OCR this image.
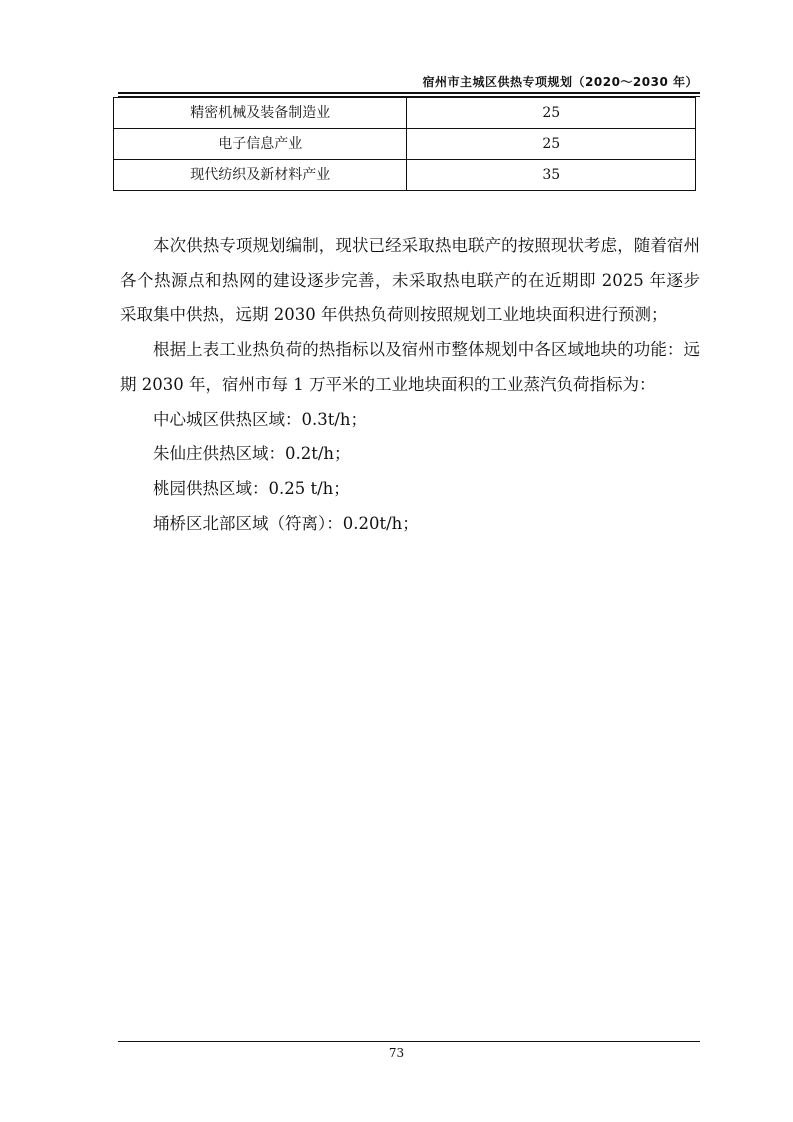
宿州市主城区供热专项规划（2020～2030 年）
精密机械及装备制造业	25
电子信息产业	25
现代纺织及新材料产业	35

本次供热专项规划编制，现状已经采取热电联产的按照现状考虑，随着宿州各个热源点和热网的建设逐步完善，未采取热电联产的在近期即 2025 年逐步采取集中供热，远期 2030 年供热负荷则按照规划工业地块面积进行预测；

根据上表工业热负荷的热指标以及宿州市整体规划中各区域地块的功能：远期 2030 年，宿州市每 1 万平米的工业地块面积的工业蒸汽负荷指标为：

中心城区供热区域：0.3t/h；

朱仙庄供热区域：0.2t/h；

桃园供热区域：0.25 t/h；

埇桥区北部区域（符离）：0.20t/h；

73
